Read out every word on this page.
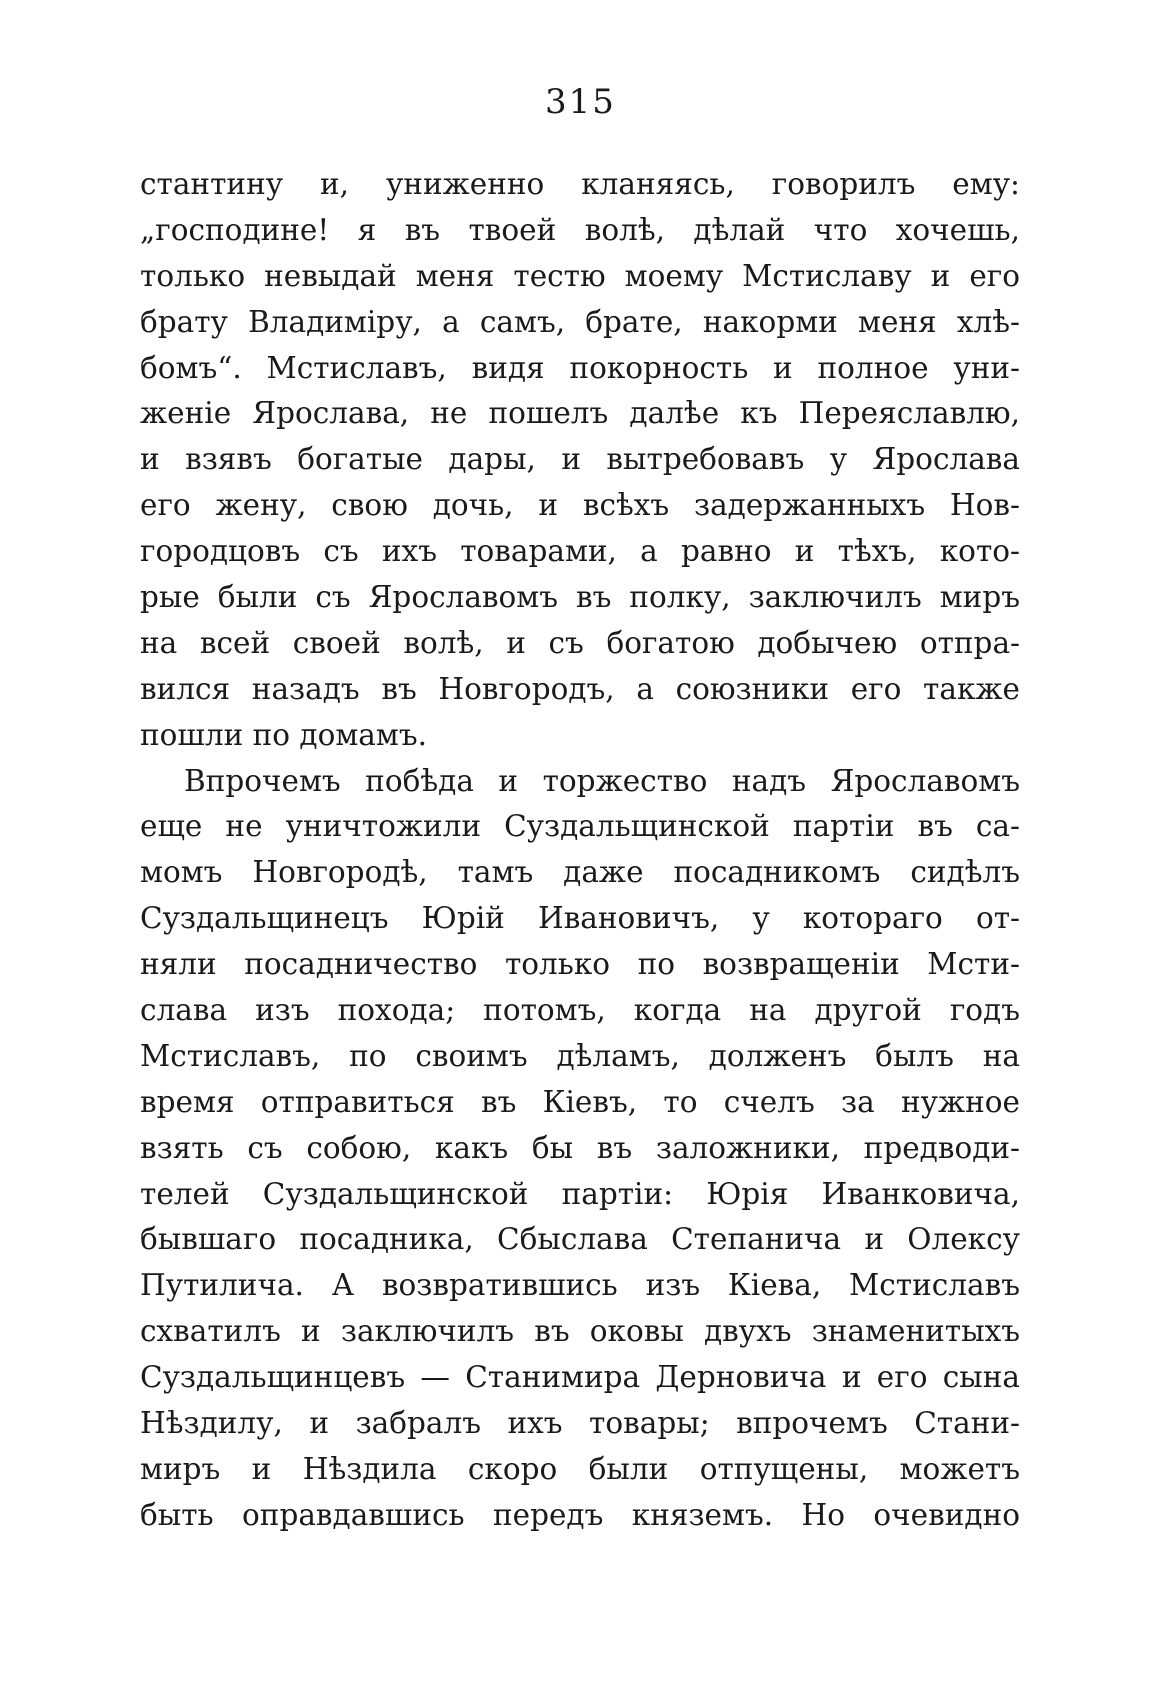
315
стантину и, униженно кланяясь, говорилъ ему:
„господине! я въ твоей волѣ, дѣлай что хочешь,
только невыдай меня тестю моему Мстиславу и его
брату Владиміру, а самъ, брате, накорми меня хлѣ-
бомъ“. Мстиславъ, видя покорность и полное уни-
женіе Ярослава, не пошелъ далѣе къ Переяславлю,
и взявъ богатые дары, и вытребовавъ у Ярослава
его жену, свою дочь, и всѣхъ задержанныхъ Нов-
городцовъ съ ихъ товарами, а равно и тѣхъ, кото-
рые были съ Ярославомъ въ полку, заключилъ миръ
на всей своей волѣ, и съ богатою добычею отпра-
вился назадъ въ Новгородъ, а союзники его также
пошли по домамъ.
Впрочемъ побѣда и торжество надъ Ярославомъ
еще не уничтожили Суздальщинской партіи въ са-
момъ Новгородѣ, тамъ даже посадникомъ сидѣлъ
Суздальщинецъ Юрій Ивановичъ, у котораго от-
няли посадничество только по возвращеніи Мсти-
слава изъ похода; потомъ, когда на другой годъ
Мстиславъ, по своимъ дѣламъ, долженъ былъ на
время отправиться въ Кіевъ, то счелъ за нужное
взять съ собою, какъ бы въ заложники, предводи-
телей Суздальщинской партіи: Юрія Иванковича,
бывшаго посадника, Сбыслава Степанича и Олексу
Путилича. А возвратившись изъ Кіева, Мстиславъ
схватилъ и заключилъ въ оковы двухъ знаменитыхъ
Суздальщинцевъ — Станимира Дерновича и его сына
Нѣздилу, и забралъ ихъ товары; впрочемъ Стани-
миръ и Нѣздила скоро были отпущены, можетъ
быть оправдавшись передъ княземъ. Но очевидно
